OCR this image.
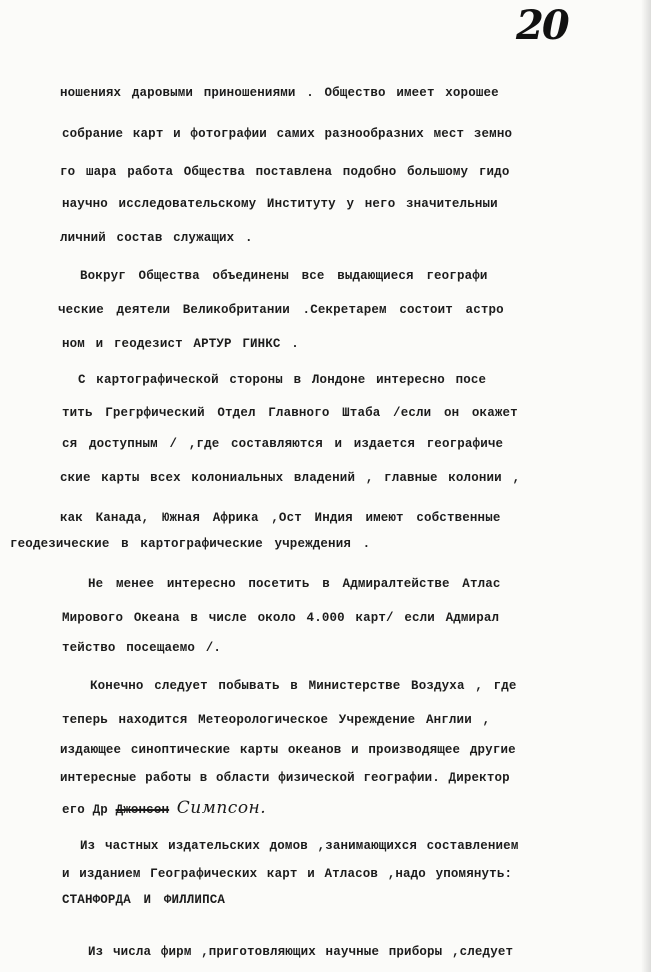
20
ношениях даровыми приношениями . Общество имеет хорошее
собрание карт и фотографии самих разнообразних мест земно
го шара работа Общества поставлена подобно большому гидо
научно исследовательскому Институту у него значительныи
личний состав служащих .
Вокруг Общества объединены все выдающиеся географи
ческие деятели Великобритании .Секретарем состоит астро
ном и геодезист АРТУР ГИНКС .
С картографической стороны в Лондоне интересно посе
тить Грегрфический Отдел Главного Штаба /если он окажет
ся доступным / ,где составляются и издается географиче
ские карты всех колониальных владений , главные колонии ,
как Канада, Южная Африка ,Ост Индия имеют собственные
геодезические в картографические учреждения .
Не менее интересно посетить в Адмиралтействе Атлас
Мирового Океана в числе около 4.000 карт/ если Адмирал
тейство посещаемо /.
Конечно следует побывать в Министерстве Воздуха , где
теперь находится Метеорологическое Учреждение Англии ,
издающее синоптические карты океанов и производящее другие
интересные работы в области физической географии. Директор
его Др Джонсон Симпсон.
Из частных издательских домов ,занимающихся составлением
и изданием Географических карт и Атласов ,надо упомянуть:
СТАНФОРДА И ФИЛЛИПСА
Из числа фирм ,приготовляющих научные приборы ,следует
